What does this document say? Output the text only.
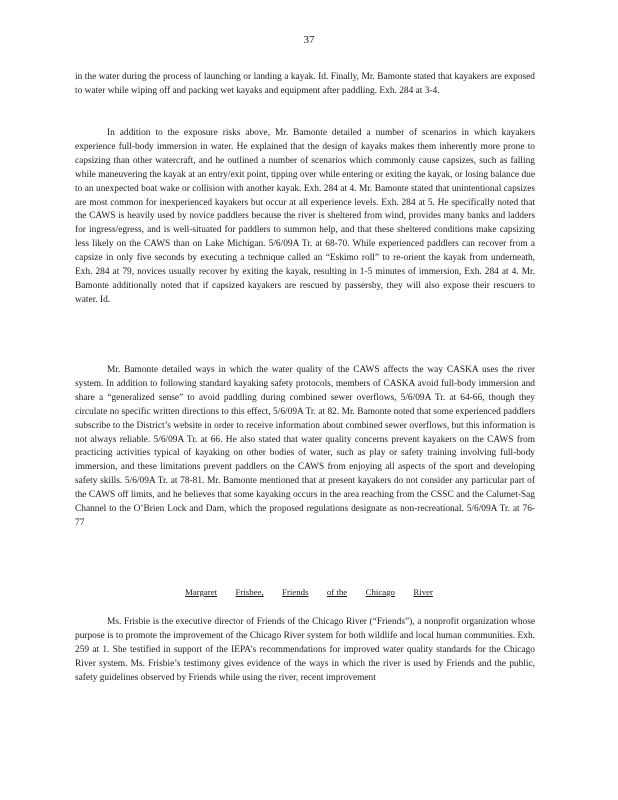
37
in the water during the process of launching or landing a kayak. Id. Finally, Mr. Bamonte stated that kayakers are exposed to water while wiping off and packing wet kayaks and equipment after paddling. Exh. 284 at 3-4.
In addition to the exposure risks above, Mr. Bamonte detailed a number of scenarios in which kayakers experience full-body immersion in water. He explained that the design of kayaks makes them inherently more prone to capsizing than other watercraft, and he outlined a number of scenarios which commonly cause capsizes, such as falling while maneuvering the kayak at an entry/exit point, tipping over while entering or exiting the kayak, or losing balance due to an unexpected boat wake or collision with another kayak. Exh. 284 at 4. Mr. Bamonte stated that unintentional capsizes are most common for inexperienced kayakers but occur at all experience levels. Exh. 284 at 5. He specifically noted that the CAWS is heavily used by novice paddlers because the river is sheltered from wind, provides many banks and ladders for ingress/egress, and is well-situated for paddlers to summon help, and that these sheltered conditions make capsizing less likely on the CAWS than on Lake Michigan. 5/6/09A Tr. at 68-70. While experienced paddlers can recover from a capsize in only five seconds by executing a technique called an “Eskimo roll” to re-orient the kayak from underneath, Exh. 284 at 79, novices usually recover by exiting the kayak, resulting in 1-5 minutes of immersion, Exh. 284 at 4. Mr. Bamonte additionally noted that if capsized kayakers are rescued by passersby, they will also expose their rescuers to water. Id.
Mr. Bamonte detailed ways in which the water quality of the CAWS affects the way CASKA uses the river system. In addition to following standard kayaking safety protocols, members of CASKA avoid full-body immersion and share a “generalized sense” to avoid paddling during combined sewer overflows, 5/6/09A Tr. at 64-66, though they circulate no specific written directions to this effect, 5/6/09A Tr. at 82. Mr. Bamonte noted that some experienced paddlers subscribe to the District’s website in order to receive information about combined sewer overflows, but this information is not always reliable. 5/6/09A Tr. at 66. He also stated that water quality concerns prevent kayakers on the CAWS from practicing activities typical of kayaking on other bodies of water, such as play or safety training involving full-body immersion, and these limitations prevent paddlers on the CAWS from enjoying all aspects of the sport and developing safety skills. 5/6/09A Tr. at 78-81. Mr. Bamonte mentioned that at present kayakers do not consider any particular part of the CAWS off limits, and he believes that some kayaking occurs in the area reaching from the CSSC and the Calumet-Sag Channel to the O’Brien Lock and Dam, which the proposed regulations designate as non-recreational. 5/6/09A Tr. at 76-77
Margaret Frisbee, Friends of the Chicago River
Ms. Frisbie is the executive director of Friends of the Chicago River (“Friends”), a nonprofit organization whose purpose is to promote the improvement of the Chicago River system for both wildlife and local human communities. Exh. 259 at 1. She testified in support of the IEPA’s recommendations for improved water quality standards for the Chicago River system. Ms. Frisbie’s testimony gives evidence of the ways in which the river is used by Friends and the public, safety guidelines observed by Friends while using the river, recent improvement
